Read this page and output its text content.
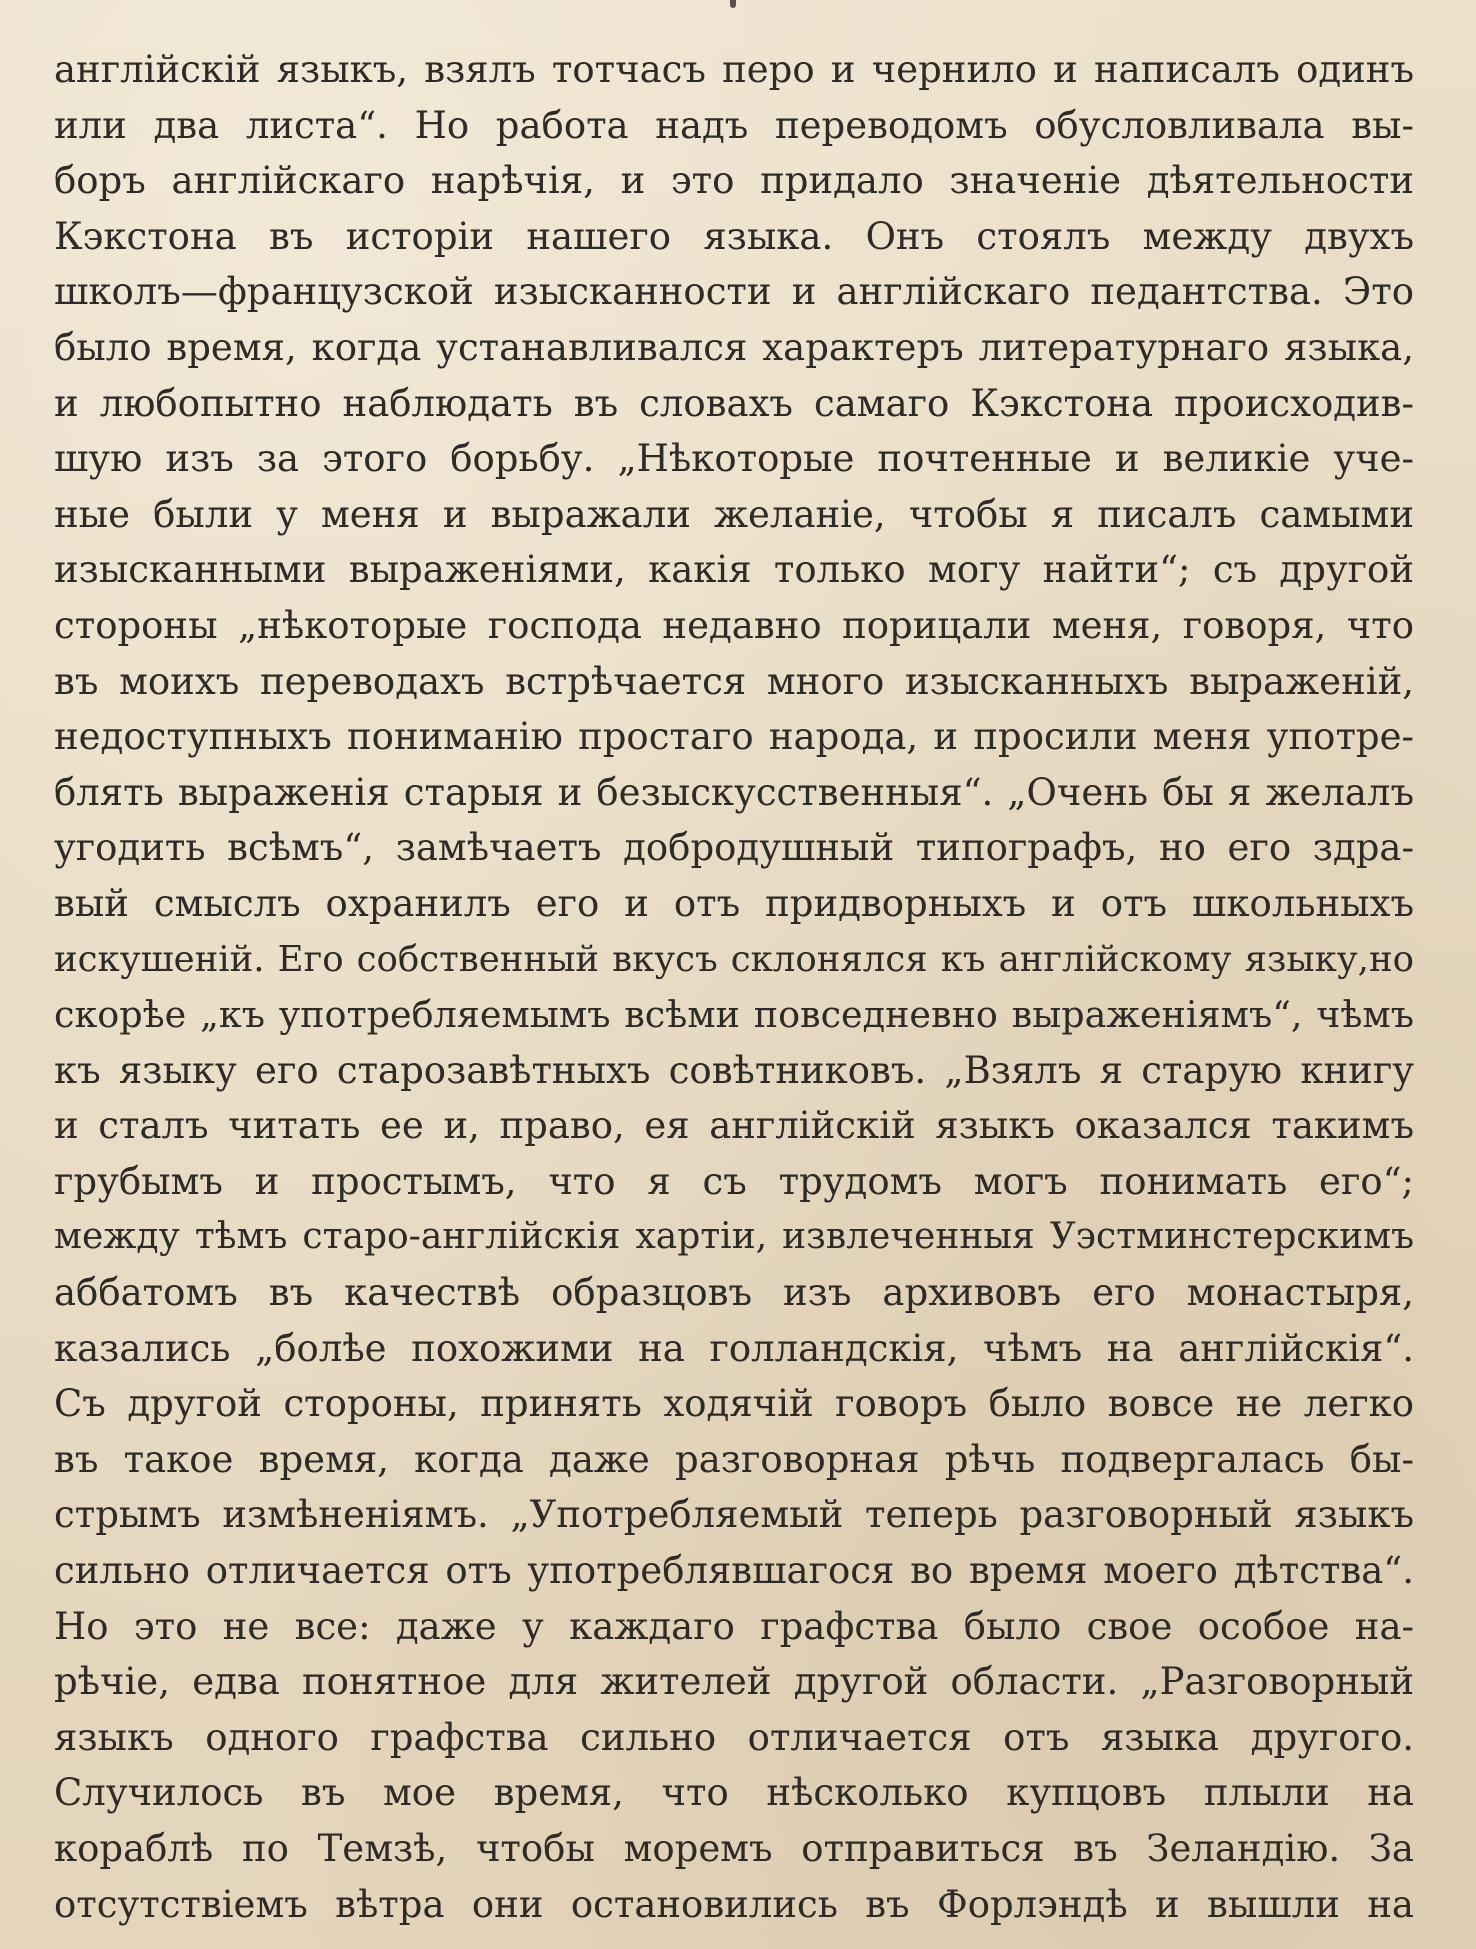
англійскій языкъ, взялъ тотчасъ перо и чернило и написалъ одинъ
или два листа“. Но работа надъ переводомъ обусловливала вы-
боръ англійскаго нарѣчія, и это придало значеніе дѣятельности
Кэкстона въ исторіи нашего языка. Онъ стоялъ между двухъ
школъ—французской изысканности и англійскаго педантства. Это
было время, когда устанавливался характеръ литературнаго языка,
и любопытно наблюдать въ словахъ самаго Кэкстона происходив-
шую изъ за этого борьбу. „Нѣкоторые почтенные и великіе уче-
ные были у меня и выражали желаніе, чтобы я писалъ самыми
изысканными выраженіями, какія только могу найти“; съ другой
стороны „нѣкоторые господа недавно порицали меня, говоря, что
въ моихъ переводахъ встрѣчается много изысканныхъ выраженій,
недоступныхъ пониманію простаго народа, и просили меня употре-
блять выраженія старыя и безыскусственныя“. „Очень бы я желалъ
угодить всѣмъ“, замѣчаетъ добродушный типографъ, но его здра-
вый смыслъ охранилъ его и отъ придворныхъ и отъ школьныхъ
искушеній. Его собственный вкусъ склонялся къ англійскому языку,но
скорѣе „къ употребляемымъ всѣми повседневно выраженіямъ“, чѣмъ
къ языку его старозавѣтныхъ совѣтниковъ. „Взялъ я старую книгу
и сталъ читать ее и, право, ея англійскій языкъ оказался такимъ
грубымъ и простымъ, что я съ трудомъ могъ понимать его“;
между тѣмъ старо-англійскія хартіи, извлеченныя Уэстминстерскимъ
аббатомъ въ качествѣ образцовъ изъ архивовъ его монастыря,
казались „болѣе похожими на голландскія, чѣмъ на англійскія“.
Съ другой стороны, принять ходячій говоръ было вовсе не легко
въ такое время, когда даже разговорная рѣчь подвергалась бы-
стрымъ измѣненіямъ. „Употребляемый теперь разговорный языкъ
сильно отличается отъ употреблявшагося во время моего дѣтства“.
Но это не все: даже у каждаго графства было свое особое на-
рѣчіе, едва понятное для жителей другой области. „Разговорный
языкъ одного графства сильно отличается отъ языка другого.
Случилось въ мое время, что нѣсколько купцовъ плыли на
кораблѣ по Темзѣ, чтобы моремъ отправиться въ Зеландію. За
отсутствіемъ вѣтра они остановились въ Форлэндѣ и вышли на
